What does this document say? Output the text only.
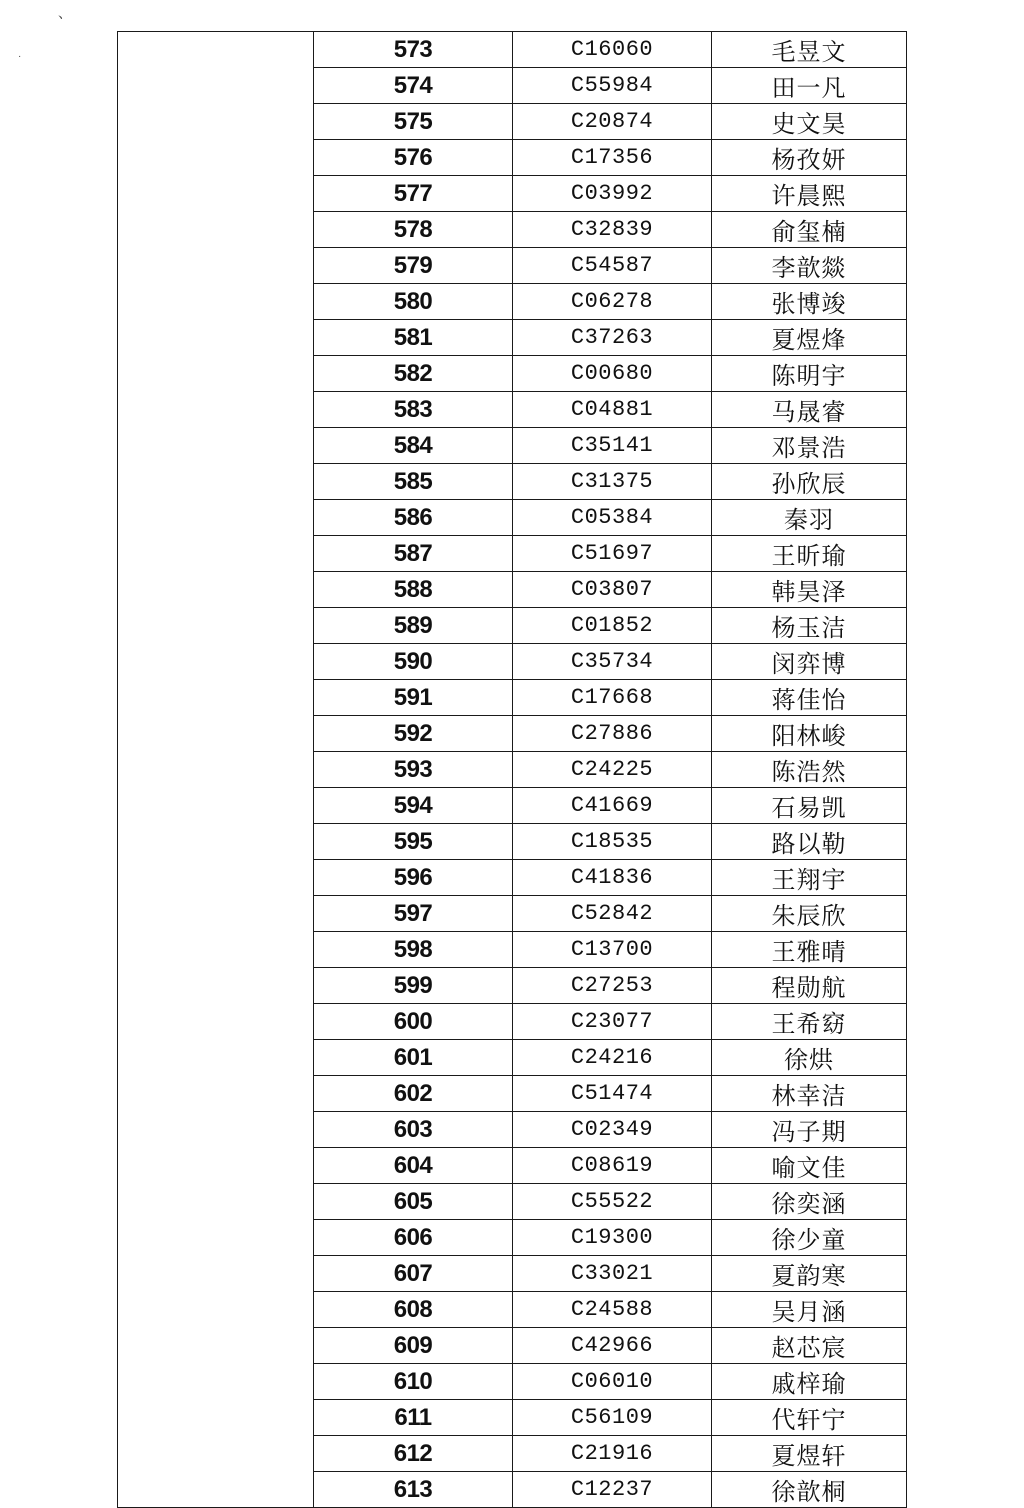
、
·
		573	C16060	毛昱文
	574	C55984	田一凡
	575	C20874	史文昊
	576	C17356	杨孜妍
	577	C03992	许晨熙
	578	C32839	俞玺楠
	579	C54587	李歆燚
	580	C06278	张博竣
	581	C37263	夏煜烽
	582	C00680	陈明宇
	583	C04881	马晟睿
	584	C35141	邓景浩
	585	C31375	孙欣辰
	586	C05384	秦羽
	587	C51697	王昕瑜
	588	C03807	韩昊泽
	589	C01852	杨玉洁
	590	C35734	闵弈博
	591	C17668	蒋佳怡
	592	C27886	阳林峻
	593	C24225	陈浩然
	594	C41669	石易凯
	595	C18535	路以勒
	596	C41836	王翔宇
	597	C52842	朱辰欣
	598	C13700	王雅晴
	599	C27253	程勋航
	600	C23077	王希窈
	601	C24216	徐烘
	602	C51474	林幸洁
	603	C02349	冯子期
	604	C08619	喻文佳
	605	C55522	徐奕涵
	606	C19300	徐少童
	607	C33021	夏韵寒
	608	C24588	吴月涵
	609	C42966	赵芯宸
	610	C06010	戚梓瑜
	611	C56109	代轩宁
	612	C21916	夏煜轩
	613	C12237	徐歆桐
